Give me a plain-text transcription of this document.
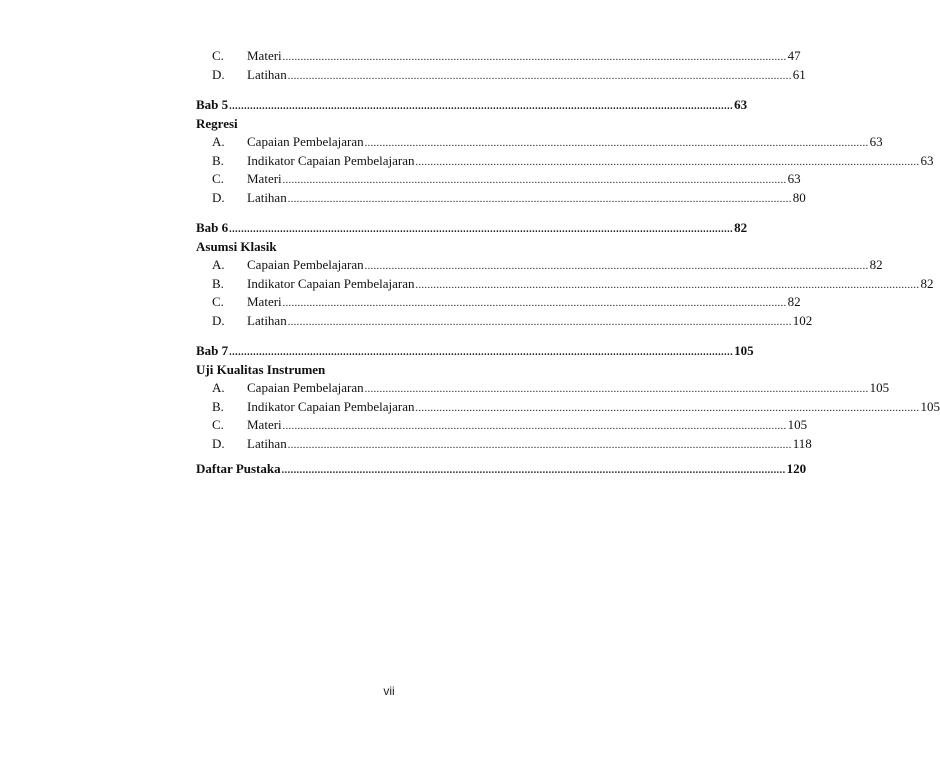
C.	Materi ........................................................................................................................................................................ 47
D. Latihan ........................................................................................................................................................................ 61
Bab 5 ........................................................................................................................................................................ 63
Regresi
A. Capaian Pembelajaran ........................................................................................................................................................................ 63
B.	Indikator Capaian Pembelajaran ........................................................................................................................................................................ 63
C.	Materi ........................................................................................................................................................................ 63
D. Latihan ........................................................................................................................................................................ 80
Bab 6 ........................................................................................................................................................................ 82
Asumsi Klasik
A. Capaian Pembelajaran ........................................................................................................................................................................ 82
B.	Indikator Capaian Pembelajaran ........................................................................................................................................................................ 82
C.	Materi ........................................................................................................................................................................ 82
D. Latihan ........................................................................................................................................................................ 102
Bab 7 ........................................................................................................................................................................ 105
Uji Kualitas Instrumen
A. Capaian Pembelajaran ........................................................................................................................................................................ 105
B.	Indikator Capaian Pembelajaran ........................................................................................................................................................................ 105
C.	Materi ........................................................................................................................................................................ 105
D. Latihan ........................................................................................................................................................................ 118
Daftar Pustaka ........................................................................................................................................................................ 120
vii
